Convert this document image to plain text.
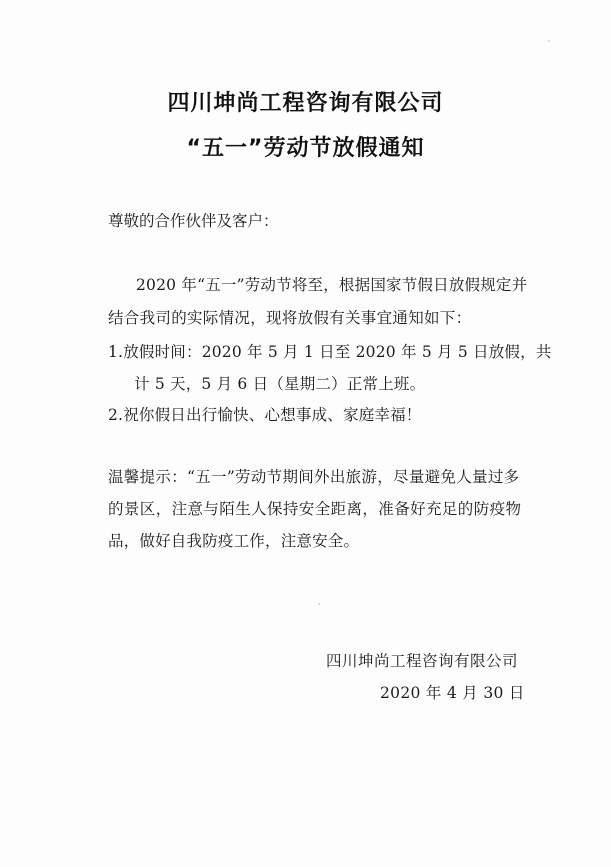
四川坤尚工程咨询有限公司
“五一”劳动节放假通知
尊敬的合作伙伴及客户：
2020 年“五一”劳动节将至，根据国家节假日放假规定并
结合我司的实际情况，现将放假有关事宜通知如下：
1.放假时间：2020 年 5 月 1 日至 2020 年 5 月 5 日放假，共
计 5 天，5 月 6 日（星期二）正常上班。
2.祝你假日出行愉快、心想事成、家庭幸福！
温馨提示：“五一”劳动节期间外出旅游，尽量避免人量过多
的景区，注意与陌生人保持安全距离，准备好充足的防疫物
品，做好自我防疫工作，注意安全。
四川坤尚工程咨询有限公司
2020 年 4 月 30 日
